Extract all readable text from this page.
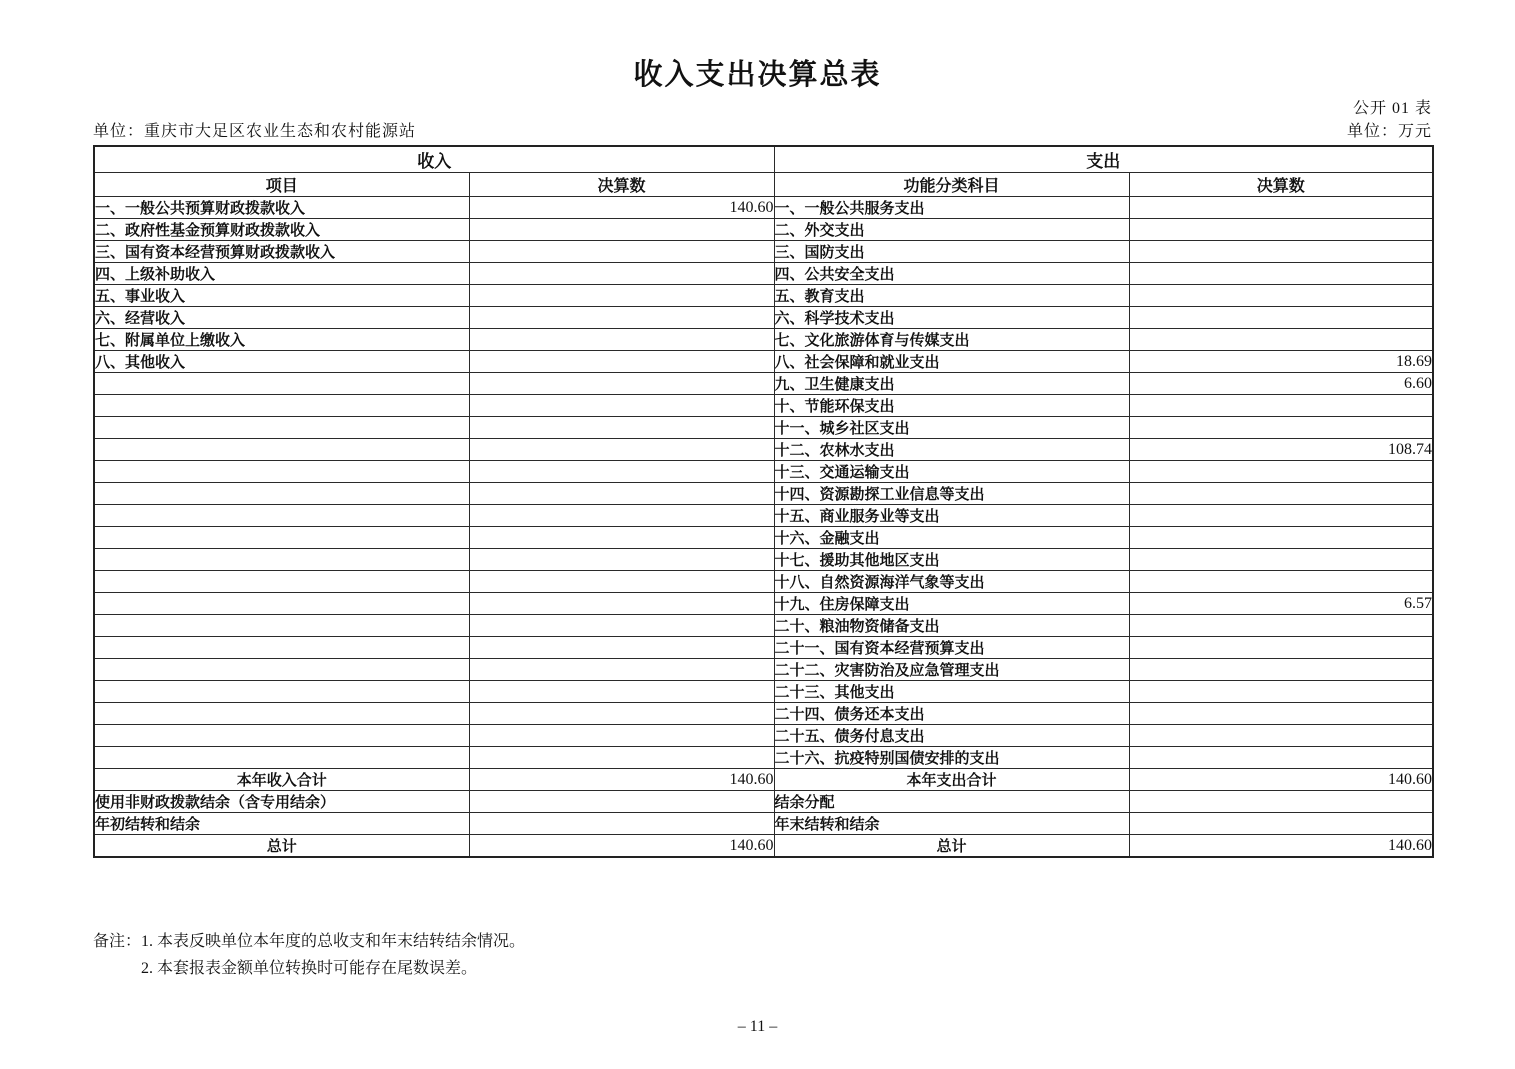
收入支出决算总表
公开 01 表
单位：重庆市大足区农业生态和农村能源站	单位：万元
收入		支出	
项目	决算数	功能分类科目	决算数
一、一般公共预算财政拨款收入	140.60	一、一般公共服务支出	
二、政府性基金预算财政拨款收入		二、外交支出	
三、国有资本经营预算财政拨款收入		三、国防支出	
四、上级补助收入		四、公共安全支出	
五、事业收入		五、教育支出	
六、经营收入		六、科学技术支出	
七、附属单位上缴收入		七、文化旅游体育与传媒支出	
八、其他收入		八、社会保障和就业支出	18.69
		九、卫生健康支出	6.60
		十、节能环保支出	
		十一、城乡社区支出	
		十二、农林水支出	108.74
		十三、交通运输支出	
		十四、资源勘探工业信息等支出	
		十五、商业服务业等支出	
		十六、金融支出	
		十七、援助其他地区支出	
		十八、自然资源海洋气象等支出	
		十九、住房保障支出	6.57
		二十、粮油物资储备支出	
		二十一、国有资本经营预算支出	
		二十二、灾害防治及应急管理支出	
		二十三、其他支出	
		二十四、债务还本支出	
		二十五、债务付息支出	
		二十六、抗疫特别国债安排的支出	
本年收入合计	140.60	本年支出合计	140.60
使用非财政拨款结余（含专用结余）		结余分配	
年初结转和结余		年末结转和结余	
总计	140.60	总计	140.60
备注： 1. 本表反映单位本年度的总收支和年末结转结余情况。
2. 本套报表金额单位转换时可能存在尾数误差。
– 11 –
